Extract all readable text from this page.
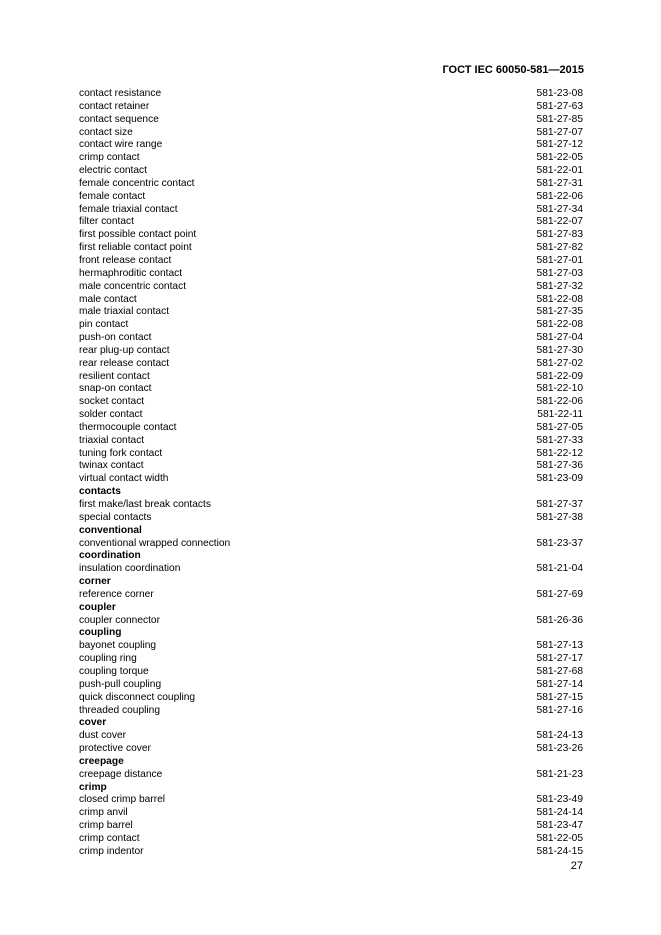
ГОСТ IEC 60050-581—2015
contact resistance	581-23-08
contact retainer	581-27-63
contact sequence	581-27-85
contact size	581-27-07
contact wire range	581-27-12
crimp contact	581-22-05
electric contact	581-22-01
female concentric contact	581-27-31
female contact	581-22-06
female triaxial contact	581-27-34
filter contact	581-22-07
first possible contact point	581-27-83
first reliable contact point	581-27-82
front release contact	581-27-01
hermaphroditic contact	581-27-03
male concentric contact	581-27-32
male contact	581-22-08
male triaxial contact	581-27-35
pin contact	581-22-08
push-on contact	581-27-04
rear plug-up contact	581-27-30
rear release contact	581-27-02
resilient contact	581-22-09
snap-on contact	581-22-10
socket contact	581-22-06
solder contact	581-22-11
thermocouple contact	581-27-05
triaxial contact	581-27-33
tuning fork contact	581-22-12
twinax contact	581-27-36
virtual contact width	581-23-09
contacts
first make/last break contacts	581-27-37
special contacts	581-27-38
conventional
conventional wrapped connection	581-23-37
coordination
insulation coordination	581-21-04
corner
reference corner	581-27-69
coupler
coupler connector	581-26-36
coupling
bayonet coupling	581-27-13
coupling ring	581-27-17
coupling torque	581-27-68
push-pull coupling	581-27-14
quick disconnect coupling	581-27-15
threaded coupling	581-27-16
cover
dust cover	581-24-13
protective cover	581-23-26
creepage
creepage distance	581-21-23
crimp
closed crimp barrel	581-23-49
crimp anvil	581-24-14
crimp barrel	581-23-47
crimp contact	581-22-05
crimp indentor	581-24-15
27
